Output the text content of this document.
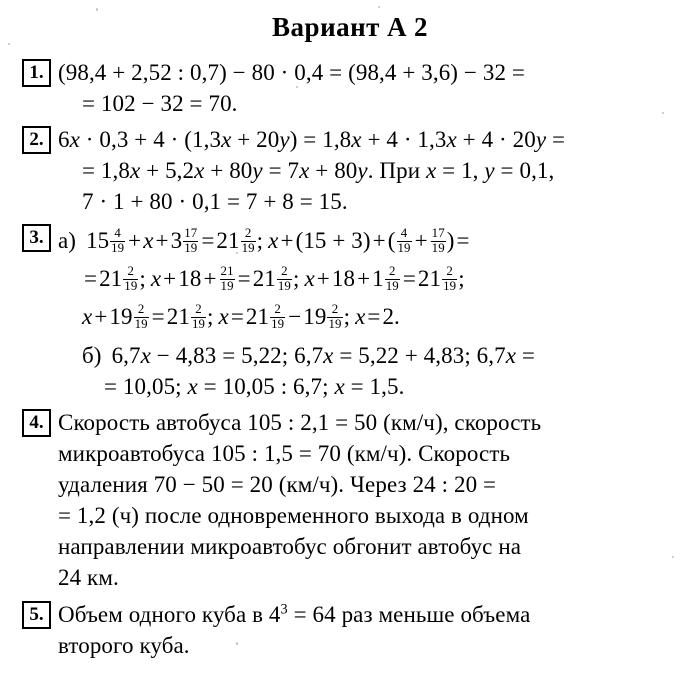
Вариант А 2
1. (98,4 + 2,52 : 0,7) − 80 · 0,4 = (98,4 + 3,6) − 32 =
= 102 − 32 = 70.
2. 6x · 0,3 + 4 · (1,3x + 20y) = 1,8x + 4 · 1,3x + 4 · 20y =
= 1,8x + 5,2x + 80y = 7x + 80y. При x = 1, y = 0,1,
7 · 1 + 80 · 0,1 = 7 + 8 = 15.
3. а) $15 \frac{4}{19} +x+3 \frac{17}{19} =21 \frac{2}{19}$ ; $x+(15 + 3)+( \frac{4}{19} + \frac{17}{19}$ )=
$=21 \frac{2}{19}$ ; $x+18+ \frac{21}{19} =21 \frac{2}{19}$ ; $x+18+1 \frac{2}{19} =21 \frac{2}{19}$ ;
$x+19 \frac{2}{19} =21 \frac{2}{19}$ ; $x=21 \frac{2}{19} -19 \frac{2}{19}$ ; x=2.
б) 6,7x − 4,83 = 5,22; 6,7x = 5,22 + 4,83; 6,7x =
= 10,05; x = 10,05 : 6,7; x = 1,5.
4. Скорость автобуса 105 : 2,1 = 50 (км/ч), скорость
микроавтобуса 105 : 1,5 = 70 (км/ч). Скорость
удаления 70 − 50 = 20 (км/ч). Через 24 : 20 =
= 1,2 (ч) после одновременного выхода в одном
направлении микроавтобус обгонит автобус на
24 км.
5. Объем одного куба в $4^3 = 64$ раз меньше объема
второго куба.
